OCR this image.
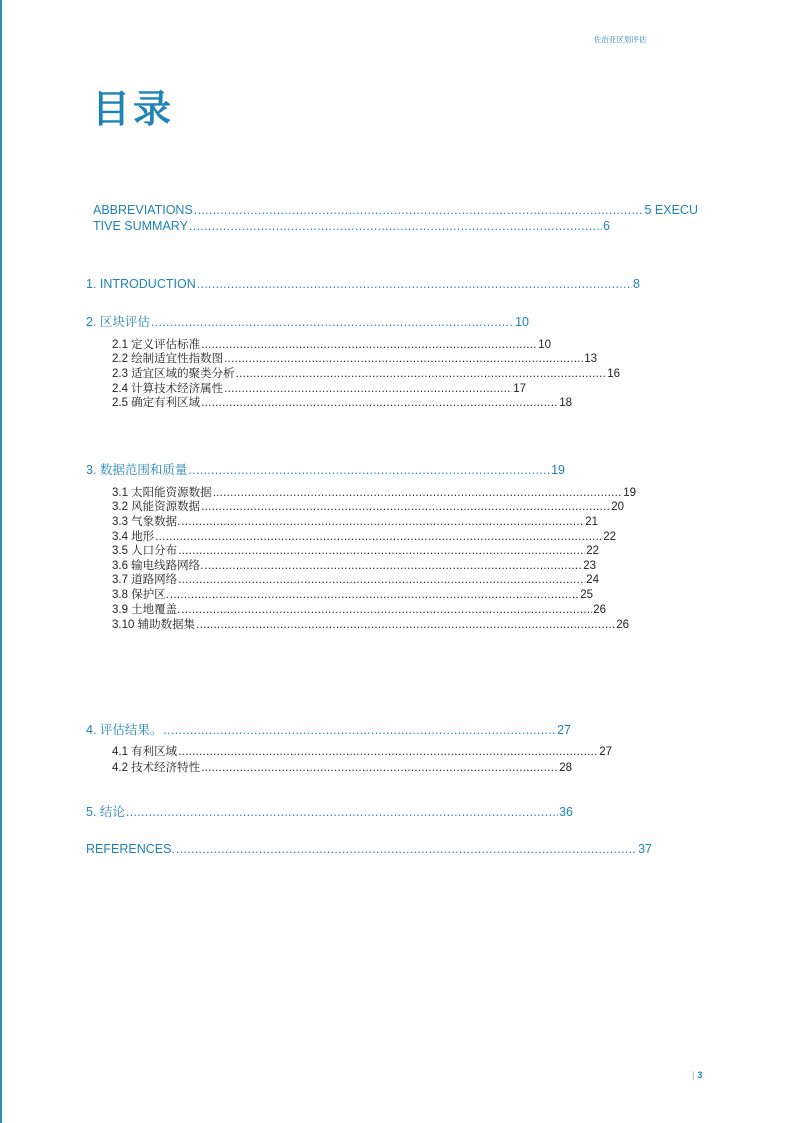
佐治亚区划评估
目录
ABBREVIATIONS .....	5 EXECU
TIVE SUMMARY .....	6
1. INTRODUCTION .....	8
2. 区块评估 .....	10
2.1 定义评估标准 .....	10
2.2 绘制适宜性指数图 .....	13
2.3 适宜区域的聚类分析 .....	16
2.4 计算技术经济属性 .....	17
2.5 确定有利区域 .....	18
3. 数据范围和质量 .....	19
3.1 太阳能资源数据 .....	19
3.2 风能资源数据 .....	20
3.3 气象数据. .....	21
3.4 地形 .....	22
3.5 人口分布 .....	22
3.6 输电线路网络. .....	23
3.7 道路网络 .....	24
3.8 保护区. .....	25
3.9 土地覆盖. .....	26
3.10 辅助数据集 .....	26
4. 评估结果。 .....	27
4.1 有利区域 .....	27
4.2 技术经济特性 .....	28
5. 结论 .....	36
REFERENCES. .....	37
| 3
